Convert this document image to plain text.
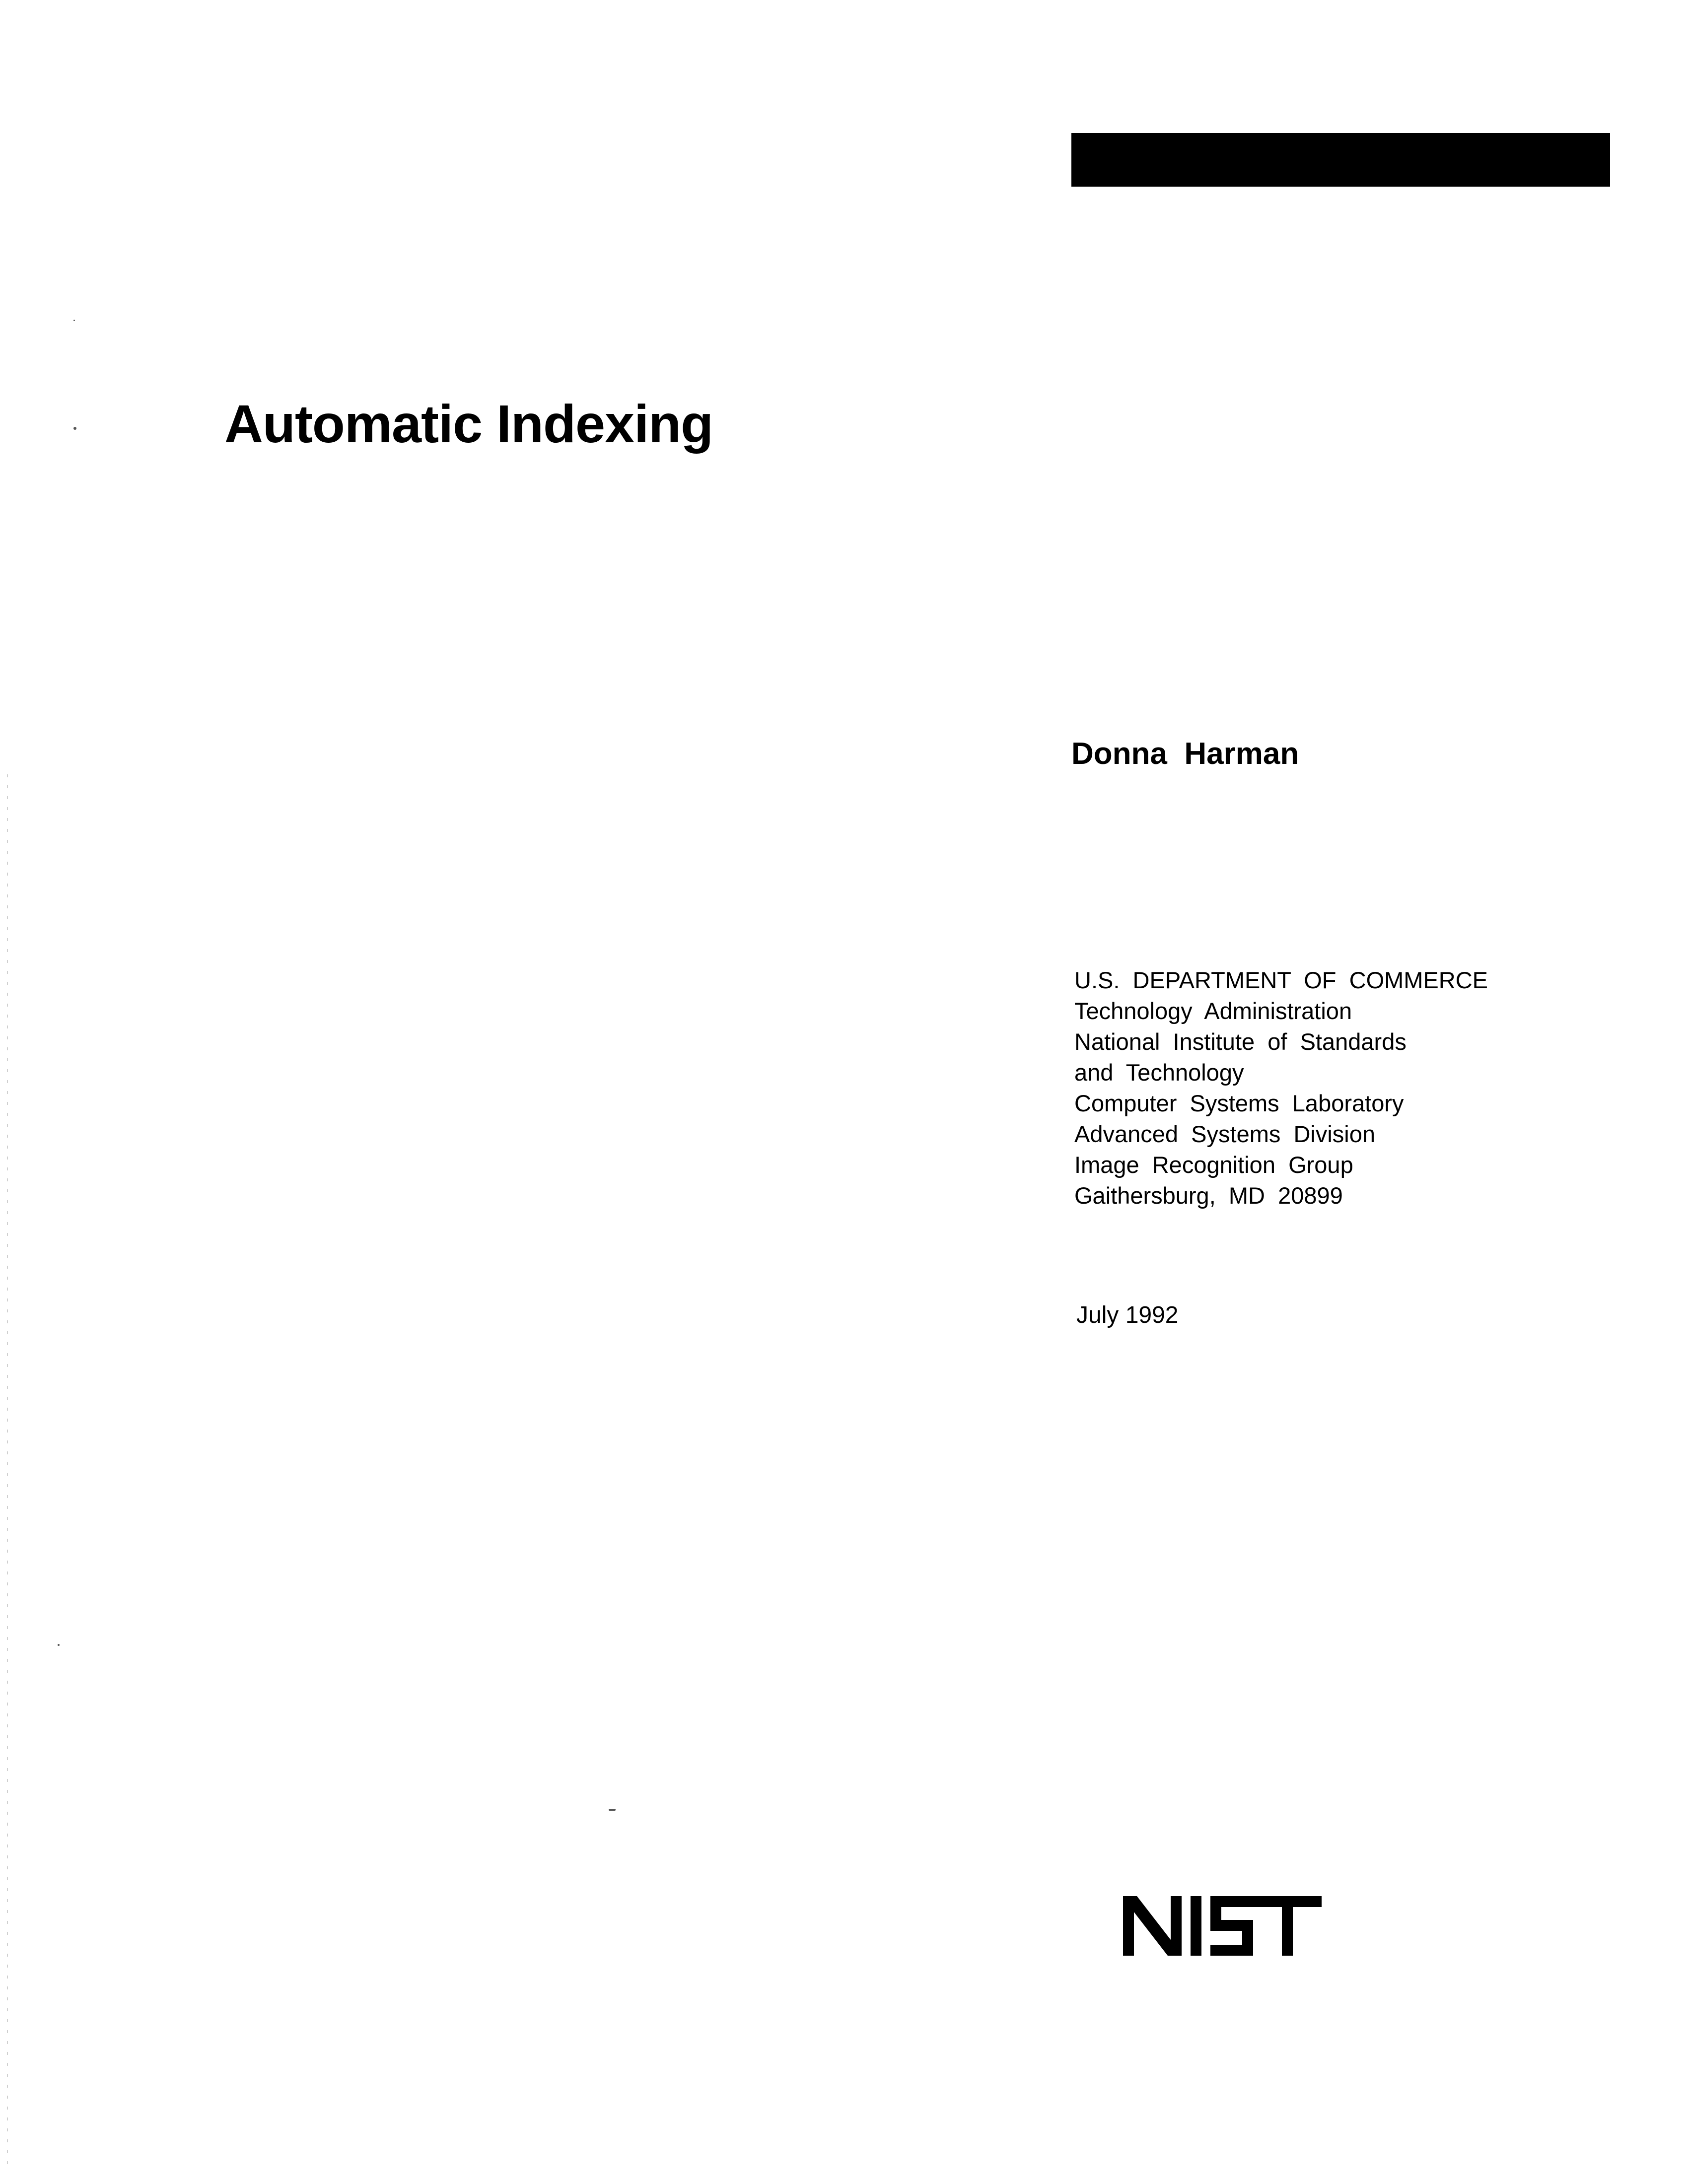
NISTIR  4873

Automatic Indexing
Donna  Harman
U.S.  DEPARTMENT  OF  COMMERCE
Technology  Administration
National  Institute  of  Standards
and  Technology
Computer  Systems  Laboratory
Advanced  Systems  Division
Image  Recognition  Group
Gaithersburg,  MD  20899
July 1992
